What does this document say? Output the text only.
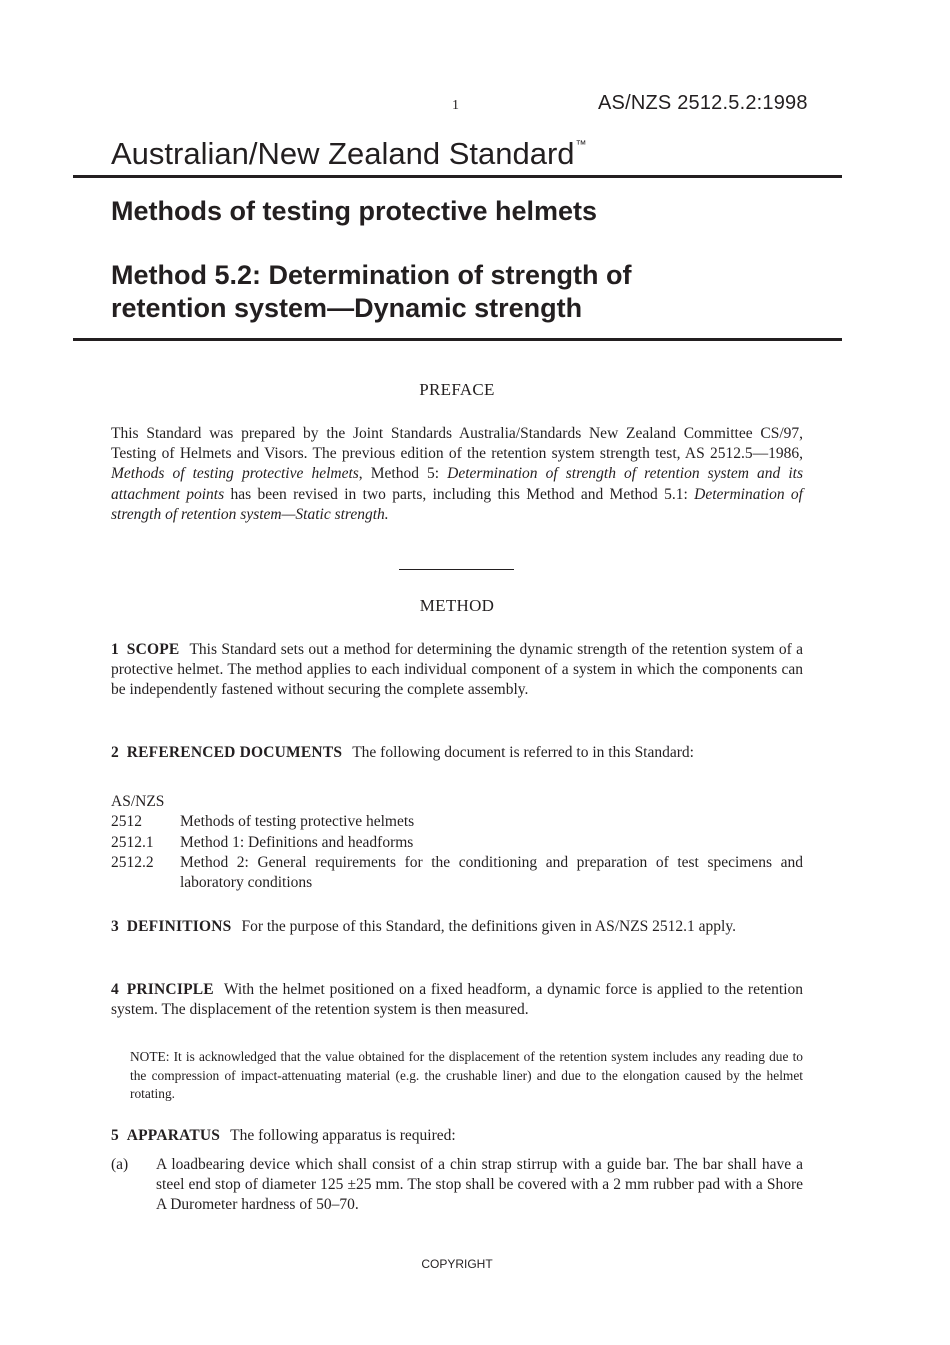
1	AS/NZS 2512.5.2:1998
Australian/New Zealand Standard™
Methods of testing protective helmets
Method 5.2: Determination of strength of
retention system—Dynamic strength
PREFACE
This Standard was prepared by the Joint Standards Australia/Standards New Zealand Committee CS/97, Testing of Helmets and Visors. The previous edition of the retention system strength test, AS 2512.5—1986, Methods of testing protective helmets, Method 5: Determination of strength of retention system and its attachment points has been revised in two parts, including this Method and Method 5.1: Determination of strength of retention system—Static strength.
METHOD
1 SCOPE This Standard sets out a method for determining the dynamic strength of the retention system of a protective helmet. The method applies to each individual component of a system in which the components can be independently fastened without securing the complete assembly.
2 REFERENCED DOCUMENTS The following document is referred to in this Standard:
AS/NZS
2512 Methods of testing protective helmets
2512.1 Method 1: Definitions and headforms
2512.2 Method 2: General requirements for the conditioning and preparation of test specimens and laboratory conditions
3 DEFINITIONS For the purpose of this Standard, the definitions given in AS/NZS 2512.1 apply.
4 PRINCIPLE With the helmet positioned on a fixed headform, a dynamic force is applied to the retention system. The displacement of the retention system is then measured.
NOTE: It is acknowledged that the value obtained for the displacement of the retention system includes any reading due to the compression of impact-attenuating material (e.g. the crushable liner) and due to the elongation caused by the helmet rotating.
5 APPARATUS The following apparatus is required:
(a) A loadbearing device which shall consist of a chin strap stirrup with a guide bar. The bar shall have a steel end stop of diameter 125 ±25 mm. The stop shall be covered with a 2 mm rubber pad with a Shore A Durometer hardness of 50–70.
COPYRIGHT
